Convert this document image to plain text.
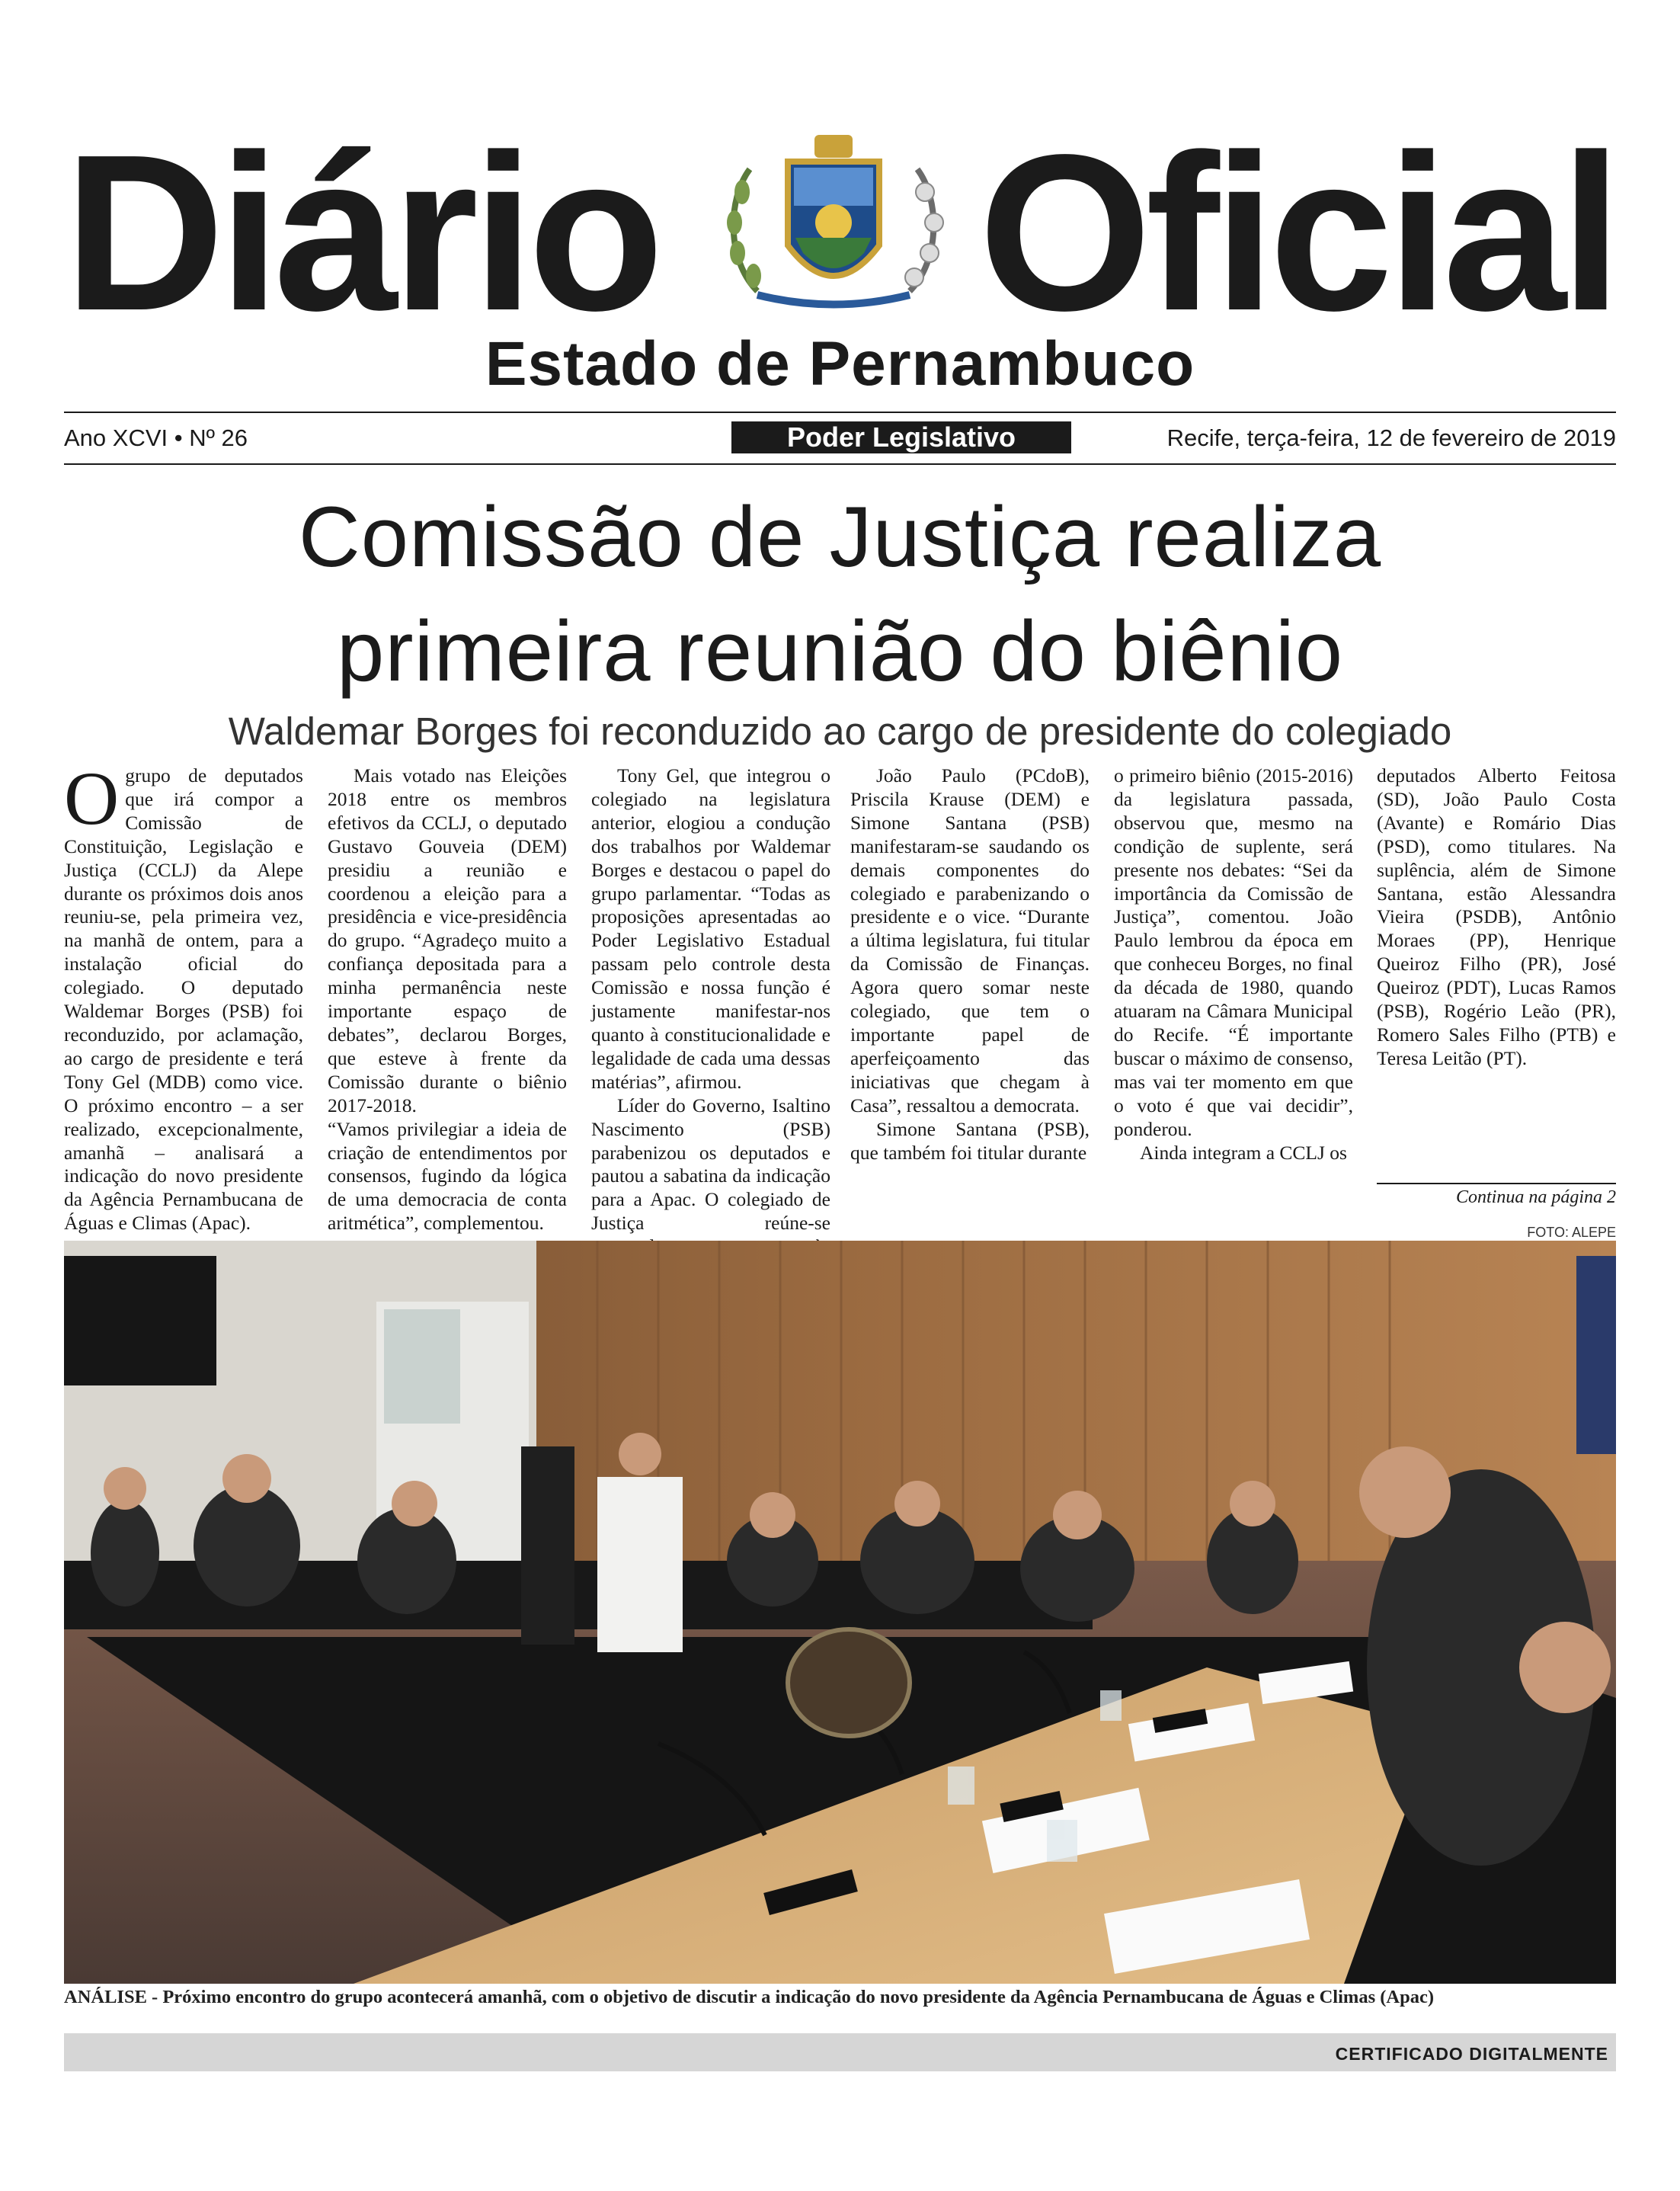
Diário Oficial
Estado de Pernambuco
Ano XCVI • Nº 26	Poder Legislativo	Recife, terça-feira, 12 de fevereiro de 2019
Comissão de Justiça realiza
primeira reunião do biênio
Waldemar Borges foi reconduzido ao cargo de presidente do colegiado

O grupo de deputados que irá compor a Comissão de Constituição, Legislação e Justiça (CCLJ) da Alepe durante os próximos dois anos reuniu-se, pela primeira vez, na manhã de ontem, para a instalação oficial do colegiado. O deputado Waldemar Borges (PSB) foi reconduzido, por aclamação, ao cargo de presidente e terá Tony Gel (MDB) como vice. O próximo encontro – a ser realizado, excepcionalmente, amanhã – analisará a indicação do novo presidente da Agência Pernambucana de Águas e Climas (Apac).

Mais votado nas Eleições 2018 entre os membros efetivos da CCLJ, o deputado Gustavo Gouveia (DEM) presidiu a reunião e coordenou a eleição para a presidência e vice-presidência do grupo. “Agradeço muito a confiança depositada para a minha permanência neste importante espaço de debates”, declarou Borges, que esteve à frente da Comissão durante o biênio 2017-2018.

“Vamos privilegiar a ideia de criação de entendimentos por consensos, fugindo da lógica de uma democracia de conta aritmética”, complementou.

Tony Gel, que integrou o colegiado na legislatura anterior, elogiou a condução dos trabalhos por Waldemar Borges e destacou o papel do grupo parlamentar. “Todas as proposições apresentadas ao Poder Legislativo Estadual passam pelo controle desta Comissão e nossa função é justamente manifestar-nos quanto à constitucionalidade e legalidade de cada uma dessas matérias”, afirmou.

Líder do Governo, Isaltino Nascimento (PSB) parabenizou os deputados e pautou a sabatina da indicação para a Apac. O colegiado de Justiça reúne-se

João Paulo (PCdoB), Priscila Krause (DEM) e Simone Santana (PSB) manifestaram-se saudando os demais componentes do colegiado e parabenizando o presidente e o vice. “Durante a última legislatura, fui titular da Comissão de Finanças. Agora quero somar neste colegiado, que tem o importante papel de aperfeiçoamento das iniciativas que chegam à Casa”, ressaltou a democrata.

Simone Santana (PSB), que também foi titular durante

o primeiro biênio (2015-2016) da legislatura passada, observou que, mesmo na condição de suplente, será presente nos debates: “Sei da importância da Comissão de Justiça”, comentou. João Paulo lembrou da época em que conheceu Borges, no final da década de 1980, quando atuaram na Câmara Municipal do Recife. “É importante buscar o máximo de consenso, mas vai ter momento em que o voto é que vai decidir”, ponderou.

Ainda integram a CCLJ os

deputados Alberto Feitosa (SD), João Paulo Costa (Avante) e Romário Dias (PSD), como titulares. Na suplência, além de Simone Santana, estão Alessandra Vieira (PSDB), Antônio Moraes (PP), Henrique Queiroz Filho (PR), José Queiroz (PDT), Lucas Ramos (PSB), Rogério Leão (PR), Romero Sales Filho (PTB) e Teresa Leitão (PT).

Continua na página 2
FOTO: ALEPE
ANÁLISE - Próximo encontro do grupo acontecerá amanhã, com o objetivo de discutir a indicação do novo presidente da Agência Pernambucana de Águas e Climas (Apac)
CERTIFICADO DIGITALMENTE
